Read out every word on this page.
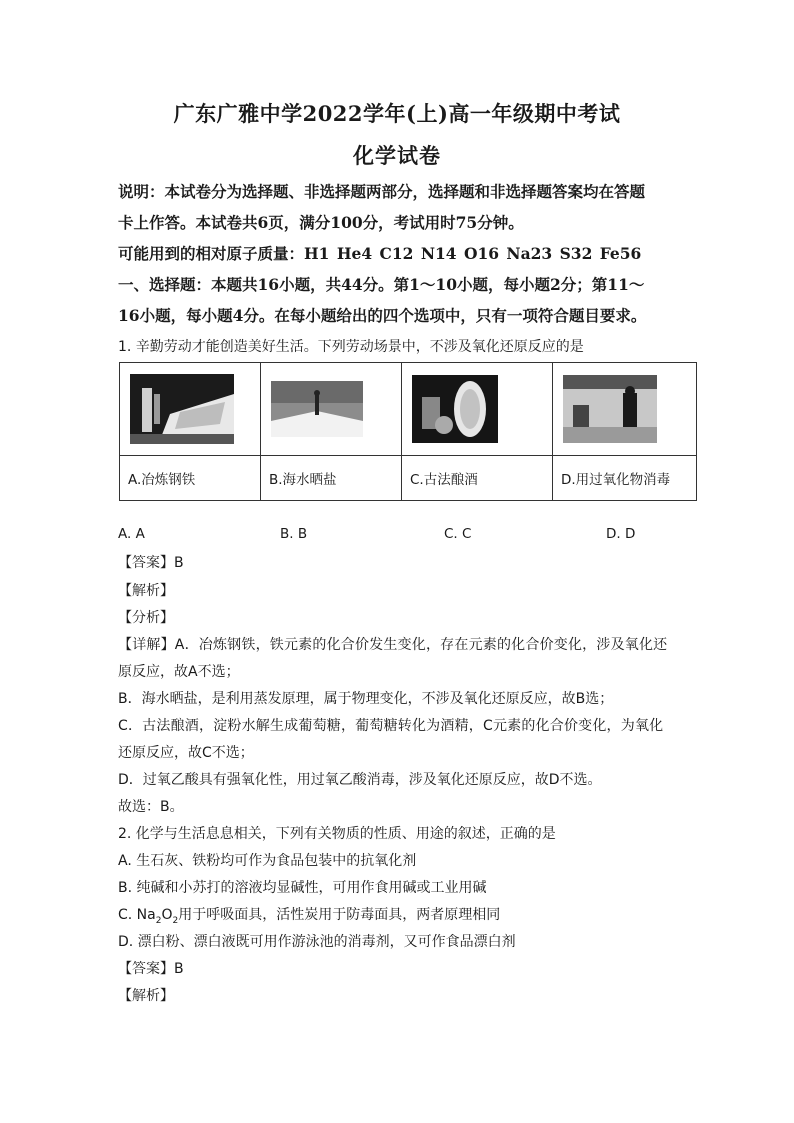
广东广雅中学2022学年(上)高一年级期中考试
化学试卷
说明：本试卷分为选择题、非选择题两部分，选择题和非选择题答案均在答题
卡上作答。本试卷共6页，满分100分，考试用时75分钟。
可能用到的相对原子质量：H1 He4 C12 N14 O16 Na23 S32 Fe56
一、选择题：本题共16小题，共44分。第1～10小题，每小题2分；第11～
16小题，每小题4分。在每小题给出的四个选项中，只有一项符合题目要求。
1. 辛勤劳动才能创造美好生活。下列劳动场景中，不涉及氧化还原反应的是

A.冶炼钢铁	B.海水晒盐	C.古法酿酒	D.用过氧化物消毒
A. A	B. B	C. C	D. D
【答案】B
【解析】
【分析】
【详解】A．冶炼钢铁，铁元素的化合价发生变化，存在元素的化合价变化，涉及氧化还
原反应，故A不选；
B．海水晒盐，是利用蒸发原理，属于物理变化，不涉及氧化还原反应，故B选；
C．古法酿酒，淀粉水解生成葡萄糖，葡萄糖转化为酒精，C元素的化合价变化，为氧化
还原反应，故C不选；
D．过氧乙酸具有强氧化性，用过氧乙酸消毒，涉及氧化还原反应，故D不选。
故选：B。
2. 化学与生活息息相关，下列有关物质的性质、用途的叙述，正确的是
A. 生石灰、铁粉均可作为食品包装中的抗氧化剂
B. 纯碱和小苏打的溶液均显碱性，可用作食用碱或工业用碱
C. $Na_2O_2$用于呼吸面具，活性炭用于防毒面具，两者原理相同
D. 漂白粉、漂白液既可用作游泳池的消毒剂，又可作食品漂白剂
【答案】B
【解析】
